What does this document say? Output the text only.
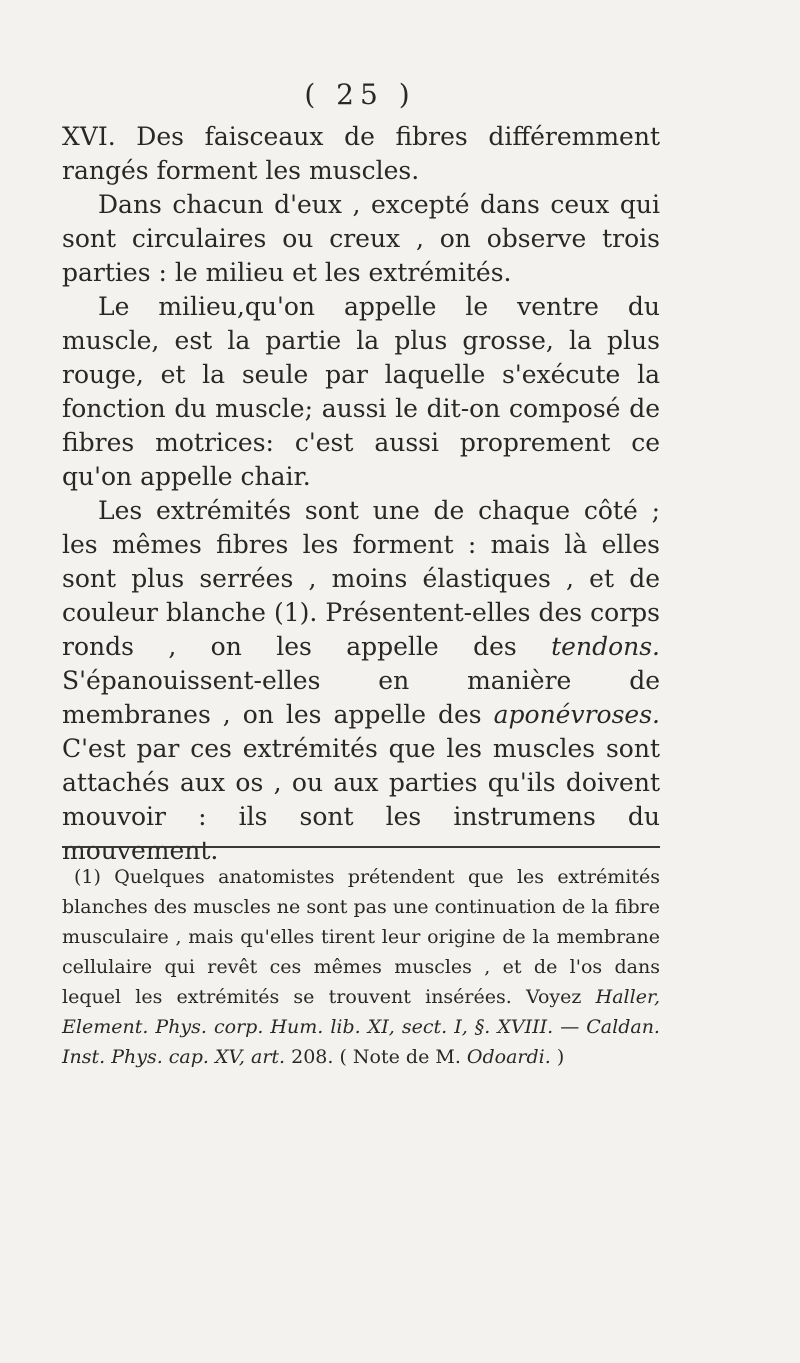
( 25 )

XVI. Des faisceaux de fibres différemment rangés forment les muscles.

Dans chacun d'eux , excepté dans ceux qui sont circulaires ou creux , on observe trois parties : le milieu et les extrémités.

Le milieu,qu'on appelle le ventre du muscle, est la partie la plus grosse, la plus rouge, et la seule par laquelle s'exécute la fonction du muscle; aussi le dit-on composé de fibres motrices: c'est aussi proprement ce qu'on appelle chair.

Les extrémités sont une de chaque côté ; les mêmes fibres les forment : mais là elles sont plus serrées , moins élastiques , et de couleur blanche (1). Présentent-elles des corps ronds , on les appelle des tendons. S'épanouissent-elles en manière de membranes , on les appelle des aponévroses. C'est par ces extrémités que les muscles sont attachés aux os , ou aux parties qu'ils doivent mouvoir : ils sont les instrumens du mouvement.

(1) Quelques anatomistes prétendent que les extrémités blanches des muscles ne sont pas une continuation de la fibre musculaire , mais qu'elles tirent leur origine de la membrane cellulaire qui revêt ces mêmes muscles , et de l'os dans lequel les extrémités se trouvent insérées. Voyez Haller, Element. Phys. corp. Hum. lib. XI, sect. I, §. XVIII. — Caldan. Inst. Phys. cap. XV, art. 208. ( Note de M. Odoardi. )
